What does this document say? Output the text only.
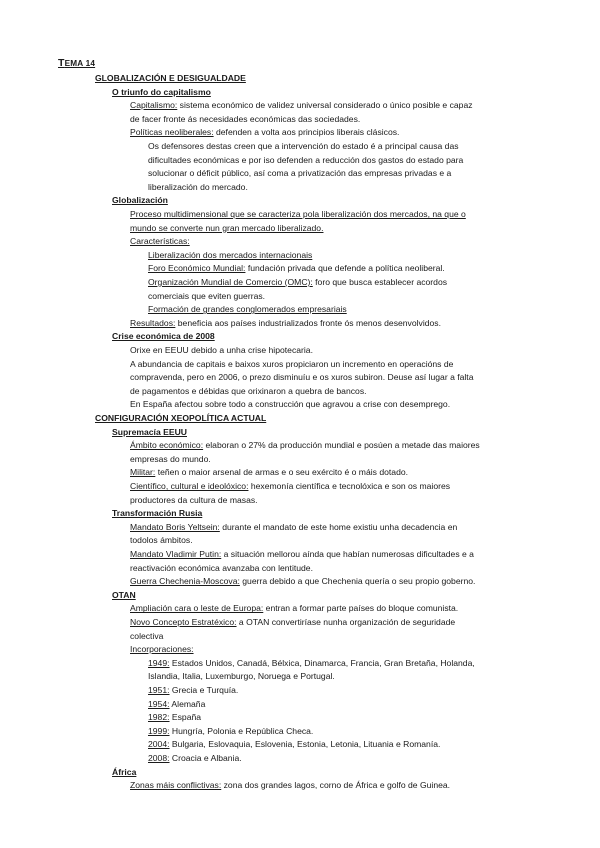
TEMA 14
GLOBALIZACIÓN E DESIGUALDADE
O triunfo do capitalismo
Capitalismo: sistema económico de validez universal considerado o único posible e capaz
de facer fronte ás necesidades económicas das sociedades.
Políticas neoliberales: defenden a volta aos principios liberais clásicos.
Os defensores destas creen que a intervención do estado é a principal causa das
dificultades económicas e por iso defenden a reducción dos gastos do estado para
solucionar o déficit público, así coma a privatización das empresas privadas e a
liberalización do mercado.
Globalización
Proceso multidimensional que se caracteriza pola liberalización dos mercados, na que o
mundo se converte nun gran mercado liberalizado.
Características:
Liberalización dos mercados internacionais
Foro Económico Mundial: fundación privada que defende a política neoliberal.
Organización Mundial de Comercio (OMC): foro que busca establecer acordos
comerciais que eviten guerras.
Formación de grandes conglomerados empresariais
Resultados: beneficia aos países industrializados fronte ós menos desenvolvidos.
Crise económica de 2008
Orixe en EEUU debido a unha crise hipotecaria.
A abundancia de capitais e baixos xuros propiciaron un incremento en operacións de
compravenda, pero en 2006, o prezo disminuíu e os xuros subiron. Deuse así lugar a falta
de pagamentos e débidas que orixinaron a quebra de bancos.
En España afectou sobre todo a construcción que agravou a crise con desemprego.
CONFIGURACIÓN XEOPOLÍTICA ACTUAL
Supremacía EEUU
Ámbito económico: elaboran o 27% da producción mundial e posúen a metade das maiores
empresas do mundo.
Militar: teñen o maior arsenal de armas e o seu exército é o máis dotado.
Científico, cultural e ideolóxico: hexemonía científica e tecnolóxica e son os maiores
productores da cultura de masas.
Transformación Rusia
Mandato Boris Yeltsein: durante el mandato de este home existiu unha decadencia en
todolos ámbitos.
Mandato Vladimir Putin: a situación mellorou aínda que habían numerosas dificultades e a
reactivación económica avanzaba con lentitude.
Guerra Chechenia-Moscova: guerra debido a que Chechenia quería o seu propio goberno.
OTAN
Ampliación cara o leste de Europa: entran a formar parte países do bloque comunista.
Novo Concepto Estratéxico: a OTAN convertiríase nunha organización de seguridade
colectiva
Incorporaciones:
1949: Estados Unidos, Canadá, Bélxica, Dinamarca, Francia, Gran Bretaña, Holanda,
Islandia, Italia, Luxemburgo, Noruega e Portugal.
1951: Grecia e Turquía.
1954: Alemaña
1982: España
1999: Hungría, Polonia e República Checa.
2004: Bulgaria, Eslovaquia, Eslovenia, Estonia, Letonia, Lituania e Romanía.
2008: Croacia e Albania.
África
Zonas máis conflictivas: zona dos grandes lagos, corno de África e golfo de Guinea.
